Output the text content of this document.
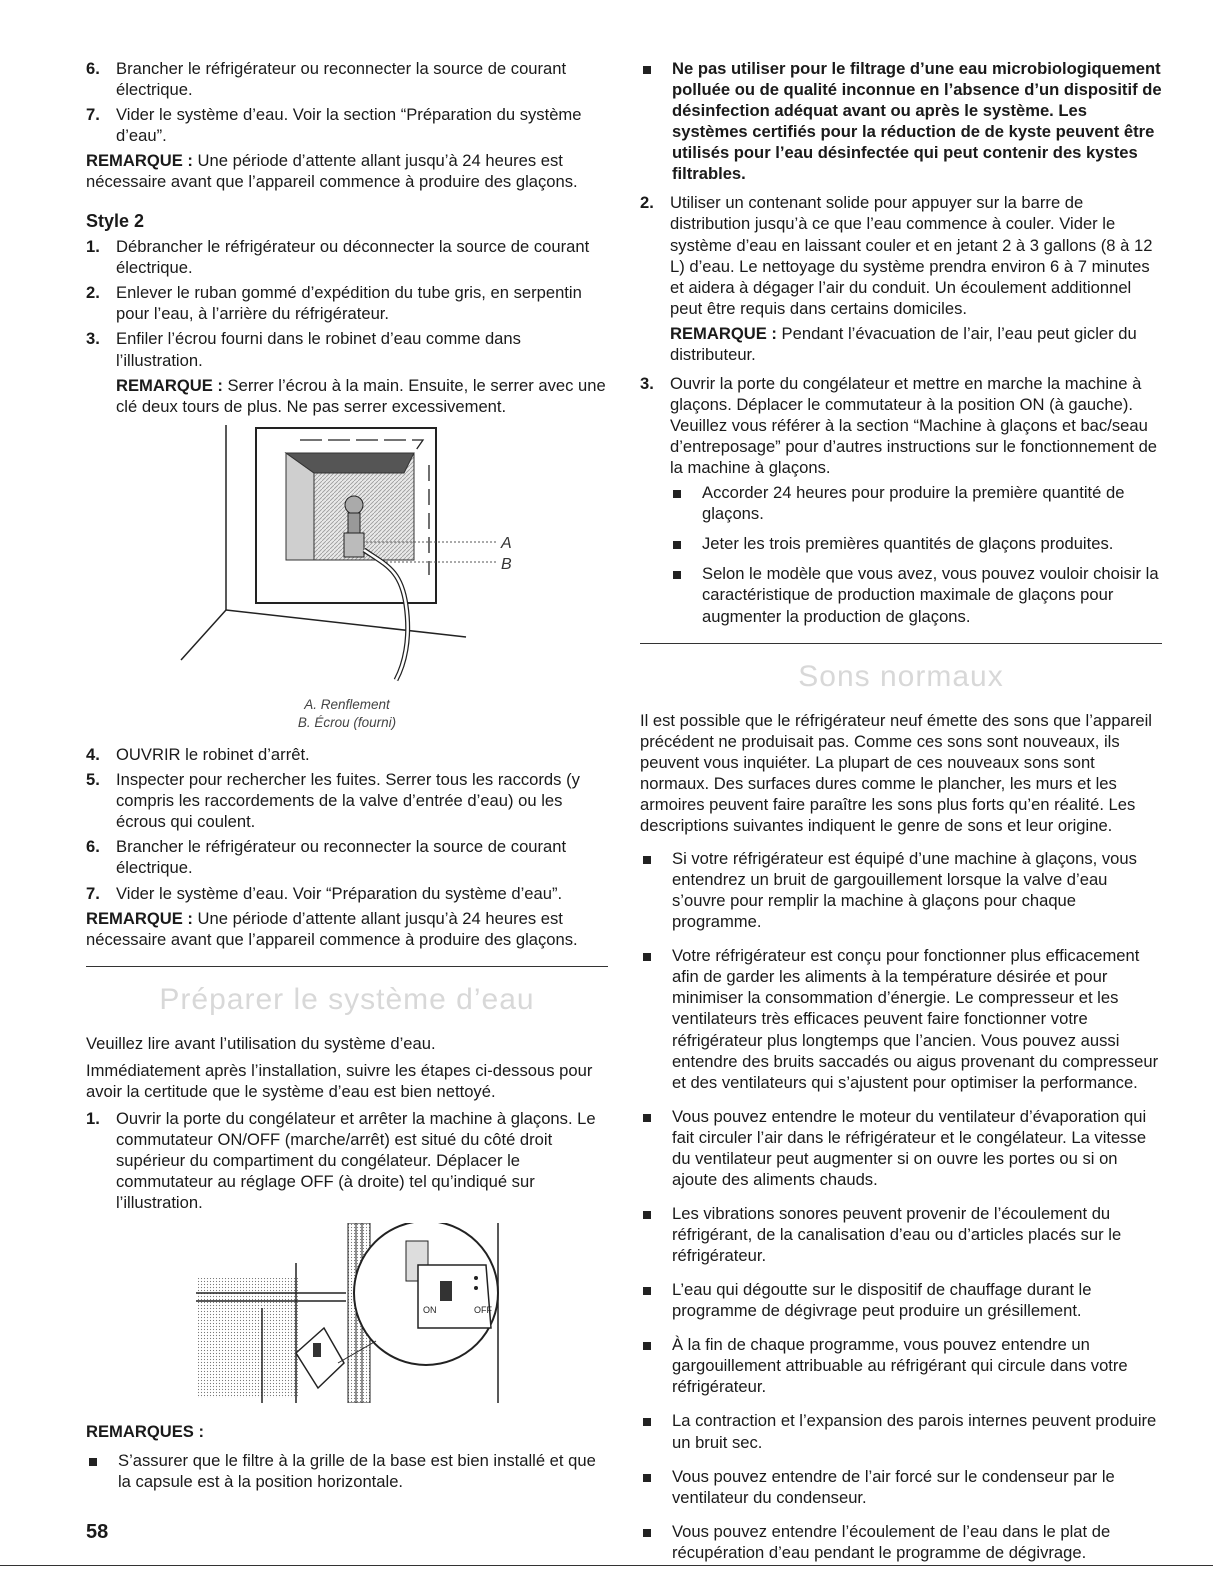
6. Brancher le réfrigérateur ou reconnecter la source de courant électrique.
7. Vider le système d’eau. Voir la section “Préparation du système d’eau”.
REMARQUE : Une période d’attente allant jusqu’à 24 heures est nécessaire avant que l’appareil commence à produire des glaçons.
Style 2
1. Débrancher le réfrigérateur ou déconnecter la source de courant électrique.
2. Enlever le ruban gommé d’expédition du tube gris, en serpentin pour l’eau, à l’arrière du réfrigérateur.
3. Enfiler l’écrou fourni dans le robinet d’eau comme dans l’illustration.
REMARQUE : Serrer l’écrou à la main. Ensuite, le serrer avec une clé deux tours de plus. Ne pas serrer excessivement.
A
B
A. Renflement
B. Écrou (fourni)
4. OUVRIR le robinet d’arrêt.
5. Inspecter pour rechercher les fuites. Serrer tous les raccords (y compris les raccordements de la valve d’entrée d’eau) ou les écrous qui coulent.
6. Brancher le réfrigérateur ou reconnecter la source de courant électrique.
7. Vider le système d’eau. Voir “Préparation du système d’eau”.
REMARQUE : Une période d’attente allant jusqu’à 24 heures est nécessaire avant que l’appareil commence à produire des glaçons.
Préparer le système d’eau
Veuillez lire avant l’utilisation du système d’eau.
Immédiatement après l’installation, suivre les étapes ci-dessous pour avoir la certitude que le système d’eau est bien nettoyé.
1. Ouvrir la porte du congélateur et arrêter la machine à glaçons. Le commutateur ON/OFF (marche/arrêt) est situé du côté droit supérieur du compartiment du congélateur. Déplacer le commutateur au réglage OFF (à droite) tel qu’indiqué sur l’illustration.
ON	OFF
REMARQUES :
S’assurer que le filtre à la grille de la base est bien installé et que la capsule est à la position horizontale.
Ne pas utiliser pour le filtrage d’une eau microbiologiquement polluée ou de qualité inconnue en l’absence d’un dispositif de désinfection adéquat avant ou après le système. Les systèmes certifiés pour la réduction de de kyste peuvent être utilisés pour l’eau désinfectée qui peut contenir des kystes filtrables.
2. Utiliser un contenant solide pour appuyer sur la barre de distribution jusqu’à ce que l’eau commence à couler. Vider le système d’eau en laissant couler et en jetant 2 à 3 gallons (8 à 12 L) d’eau. Le nettoyage du système prendra environ 6 à 7 minutes et aidera à dégager l’air du conduit. Un écoulement additionnel peut être requis dans certains domiciles.
REMARQUE : Pendant l’évacuation de l’air, l’eau peut gicler du distributeur.
3. Ouvrir la porte du congélateur et mettre en marche la machine à glaçons. Déplacer le commutateur à la position ON (à gauche). Veuillez vous référer à la section “Machine à glaçons et bac/seau d’entreposage” pour d’autres instructions sur le fonctionnement de la machine à glaçons.
Accorder 24 heures pour produire la première quantité de glaçons.
Jeter les trois premières quantités de glaçons produites.
Selon le modèle que vous avez, vous pouvez vouloir choisir la caractéristique de production maximale de glaçons pour augmenter la production de glaçons.
Sons normaux
Il est possible que le réfrigérateur neuf émette des sons que l’appareil précédent ne produisait pas. Comme ces sons sont nouveaux, ils peuvent vous inquiéter. La plupart de ces nouveaux sons sont normaux. Des surfaces dures comme le plancher, les murs et les armoires peuvent faire paraître les sons plus forts qu’en réalité. Les descriptions suivantes indiquent le genre de sons et leur origine.
Si votre réfrigérateur est équipé d’une machine à glaçons, vous entendrez un bruit de gargouillement lorsque la valve d’eau s’ouvre pour remplir la machine à glaçons pour chaque programme.
Votre réfrigérateur est conçu pour fonctionner plus efficacement afin de garder les aliments à la température désirée et pour minimiser la consommation d’énergie. Le compresseur et les ventilateurs très efficaces peuvent faire fonctionner votre réfrigérateur plus longtemps que l’ancien. Vous pouvez aussi entendre des bruits saccadés ou aigus provenant du compresseur et des ventilateurs qui s’ajustent pour optimiser la performance.
Vous pouvez entendre le moteur du ventilateur d’évaporation qui fait circuler l’air dans le réfrigérateur et le congélateur. La vitesse du ventilateur peut augmenter si on ouvre les portes ou si on ajoute des aliments chauds.
Les vibrations sonores peuvent provenir de l’écoulement du réfrigérant, de la canalisation d’eau ou d’articles placés sur le réfrigérateur.
L’eau qui dégoutte sur le dispositif de chauffage durant le programme de dégivrage peut produire un grésillement.
À la fin de chaque programme, vous pouvez entendre un gargouillement attribuable au réfrigérant qui circule dans votre réfrigérateur.
La contraction et l’expansion des parois internes peuvent produire un bruit sec.
Vous pouvez entendre de l’air forcé sur le condenseur par le ventilateur du condenseur.
Vous pouvez entendre l’écoulement de l’eau dans le plat de récupération d’eau pendant le programme de dégivrage.
58
